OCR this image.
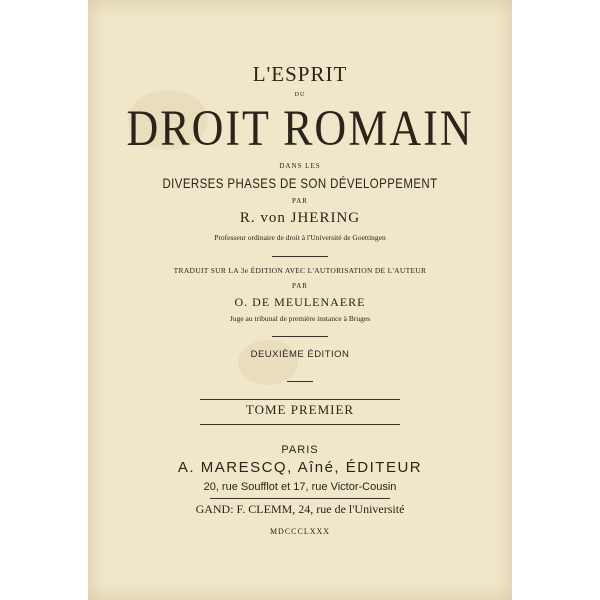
L'ESPRIT
DU
DROIT ROMAIN
DANS LES
DIVERSES PHASES DE SON DÉVELOPPEMENT
PAR
R. von JHERING
Professeur ordinaire de droit à l'Université de Goettingen
TRADUIT SUR LA 3e ÉDITION AVEC L'AUTORISATION DE L'AUTEUR
PAR
O. DE MEULENAERE
Juge au tribunal de première instance à Bruges
DEUXIÈME ÉDITION
TOME PREMIER
PARIS
A. MARESCQ, Aîné, ÉDITEUR
20, rue Soufflot et 17, rue Victor-Cousin
GAND: F. CLEMM, 24, rue de l'Université
MDCCCLXXX
